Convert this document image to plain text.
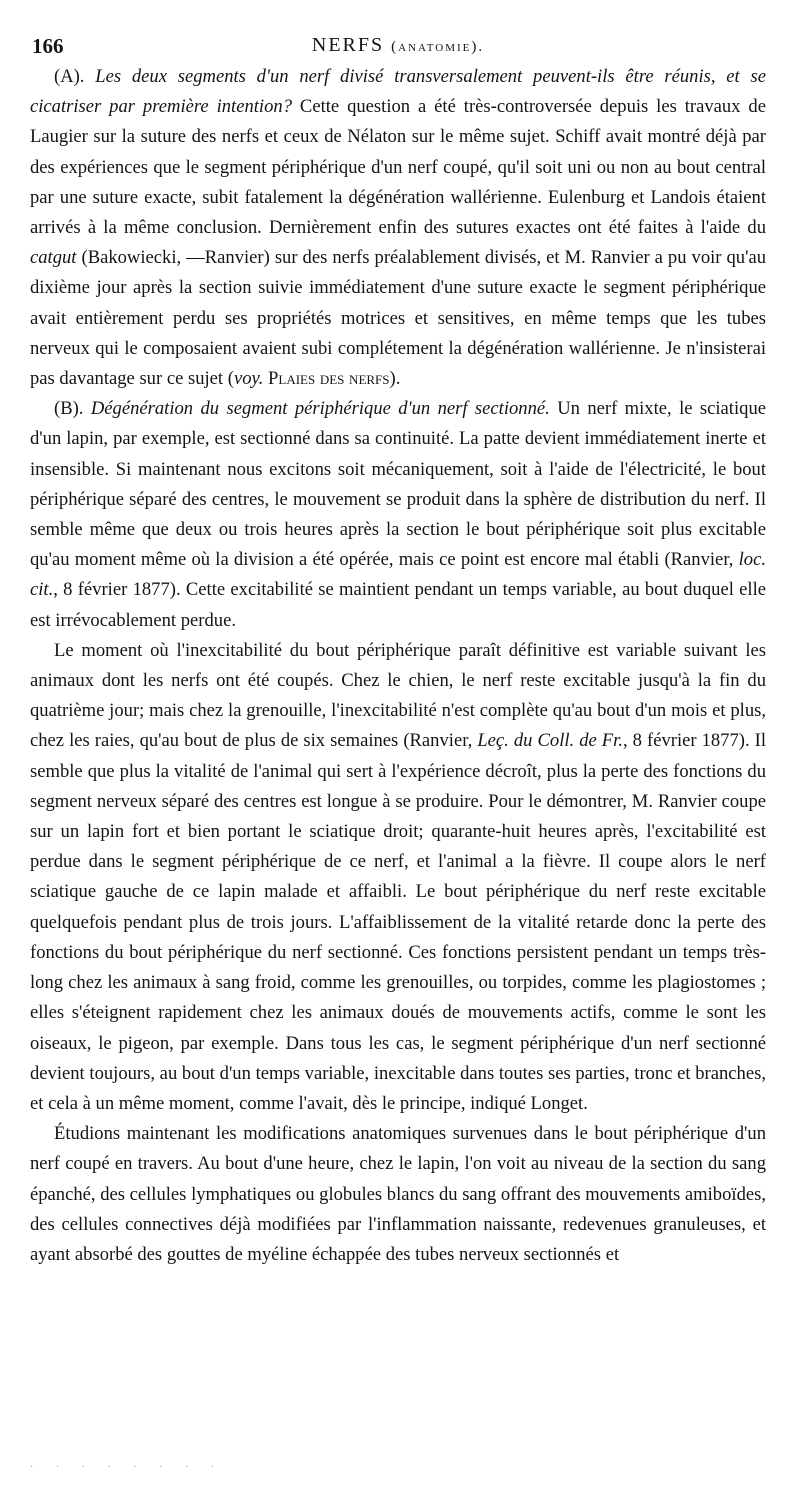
166	NERFS (anatomie).

(A). Les deux segments d'un nerf divisé transversalement peuvent-ils être réunis, et se cicatriser par première intention? Cette question a été très-controversée depuis les travaux de Laugier sur la suture des nerfs et ceux de Nélaton sur le même sujet. Schiff avait montré déjà par des expériences que le segment périphérique d'un nerf coupé, qu'il soit uni ou non au bout central par une suture exacte, subit fatalement la dégénération wallérienne. Eulenburg et Landois étaient arrivés à la même conclusion. Dernièrement enfin des sutures exactes ont été faites à l'aide du catgut (Bakowiecki, —Ranvier) sur des nerfs préalablement divisés, et M. Ranvier a pu voir qu'au dixième jour après la section suivie immédiatement d'une suture exacte le segment périphérique avait entièrement perdu ses propriétés motrices et sensitives, en même temps que les tubes nerveux qui le composaient avaient subi complétement la dégénération wallérienne. Je n'insisterai pas davantage sur ce sujet (voy. Plaies des nerfs).

(B). Dégénération du segment périphérique d'un nerf sectionné. Un nerf mixte, le sciatique d'un lapin, par exemple, est sectionné dans sa continuité. La patte devient immédiatement inerte et insensible. Si maintenant nous excitons soit mécaniquement, soit à l'aide de l'électricité, le bout périphérique séparé des centres, le mouvement se produit dans la sphère de distribution du nerf. Il semble même que deux ou trois heures après la section le bout périphérique soit plus excitable qu'au moment même où la division a été opérée, mais ce point est encore mal établi (Ranvier, loc. cit., 8 février 1877). Cette excitabilité se maintient pendant un temps variable, au bout duquel elle est irrévocablement perdue.

Le moment où l'inexcitabilité du bout périphérique paraît définitive est variable suivant les animaux dont les nerfs ont été coupés. Chez le chien, le nerf reste excitable jusqu'à la fin du quatrième jour; mais chez la grenouille, l'inexcitabilité n'est complète qu'au bout d'un mois et plus, chez les raies, qu'au bout de plus de six semaines (Ranvier, Leç. du Coll. de Fr., 8 février 1877). Il semble que plus la vitalité de l'animal qui sert à l'expérience décroît, plus la perte des fonctions du segment nerveux séparé des centres est longue à se produire. Pour le démontrer, M. Ranvier coupe sur un lapin fort et bien portant le sciatique droit; quarante-huit heures après, l'excitabilité est perdue dans le segment périphérique de ce nerf, et l'animal a la fièvre. Il coupe alors le nerf sciatique gauche de ce lapin malade et affaibli. Le bout périphérique du nerf reste excitable quelquefois pendant plus de trois jours. L'affaiblissement de la vitalité retarde donc la perte des fonctions du bout périphérique du nerf sectionné. Ces fonctions persistent pendant un temps très-long chez les animaux à sang froid, comme les grenouilles, ou torpides, comme les plagiostomes ; elles s'éteignent rapidement chez les animaux doués de mouvements actifs, comme le sont les oiseaux, le pigeon, par exemple. Dans tous les cas, le segment périphérique d'un nerf sectionné devient toujours, au bout d'un temps variable, inexcitable dans toutes ses parties, tronc et branches, et cela à un même moment, comme l'avait, dès le principe, indiqué Longet.

Étudions maintenant les modifications anatomiques survenues dans le bout périphérique d'un nerf coupé en travers. Au bout d'une heure, chez le lapin, l'on voit au niveau de la section du sang épanché, des cellules lymphatiques ou globules blancs du sang offrant des mouvements amiboïdes, des cellules connectives déjà modifiées par l'inflammation naissante, redevenues granuleuses, et ayant absorbé des gouttes de myéline échappée des tubes nerveux sectionnés et

· · · · · · · ·
